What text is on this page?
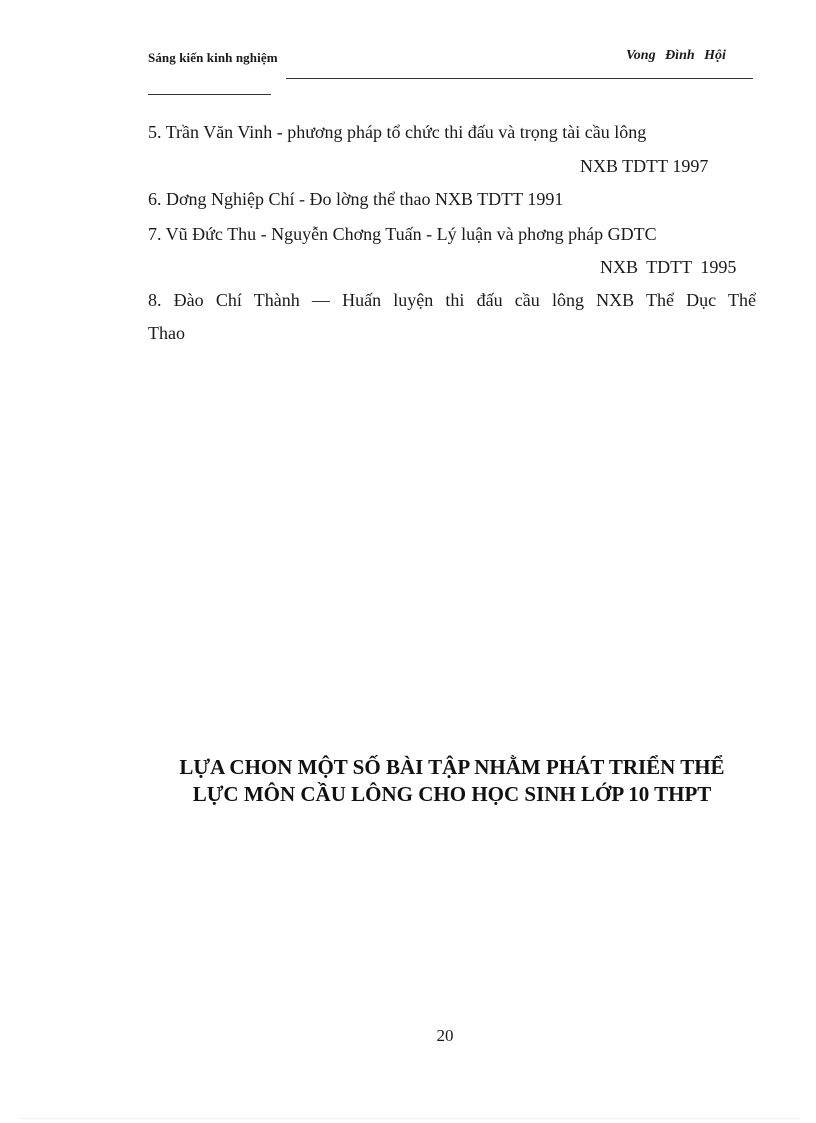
Sáng kiến kinh nghiệm	Vong Đình Hội
5. Trần Văn Vinh - phương pháp tổ chức thi đấu và trọng tài cầu lông
NXB TDTT 1997
6. Dơng Nghiệp Chí - Đo lờng thể thao NXB TDTT 1991
7. Vũ Đức Thu - Nguyễn Chơng Tuấn - Lý luận và phơng pháp GDTC
NXB TDTT 1995
8. Đào Chí Thành — Huấn luyện thi đấu cầu lông NXB Thể Dục Thể
Thao
LỰA CHON MỘT SỐ BÀI TẬP NHẰM PHÁT TRIỂN THỂ
LỰC MÔN CẦU LÔNG CHO HỌC SINH LỚP 10 THPT
20
